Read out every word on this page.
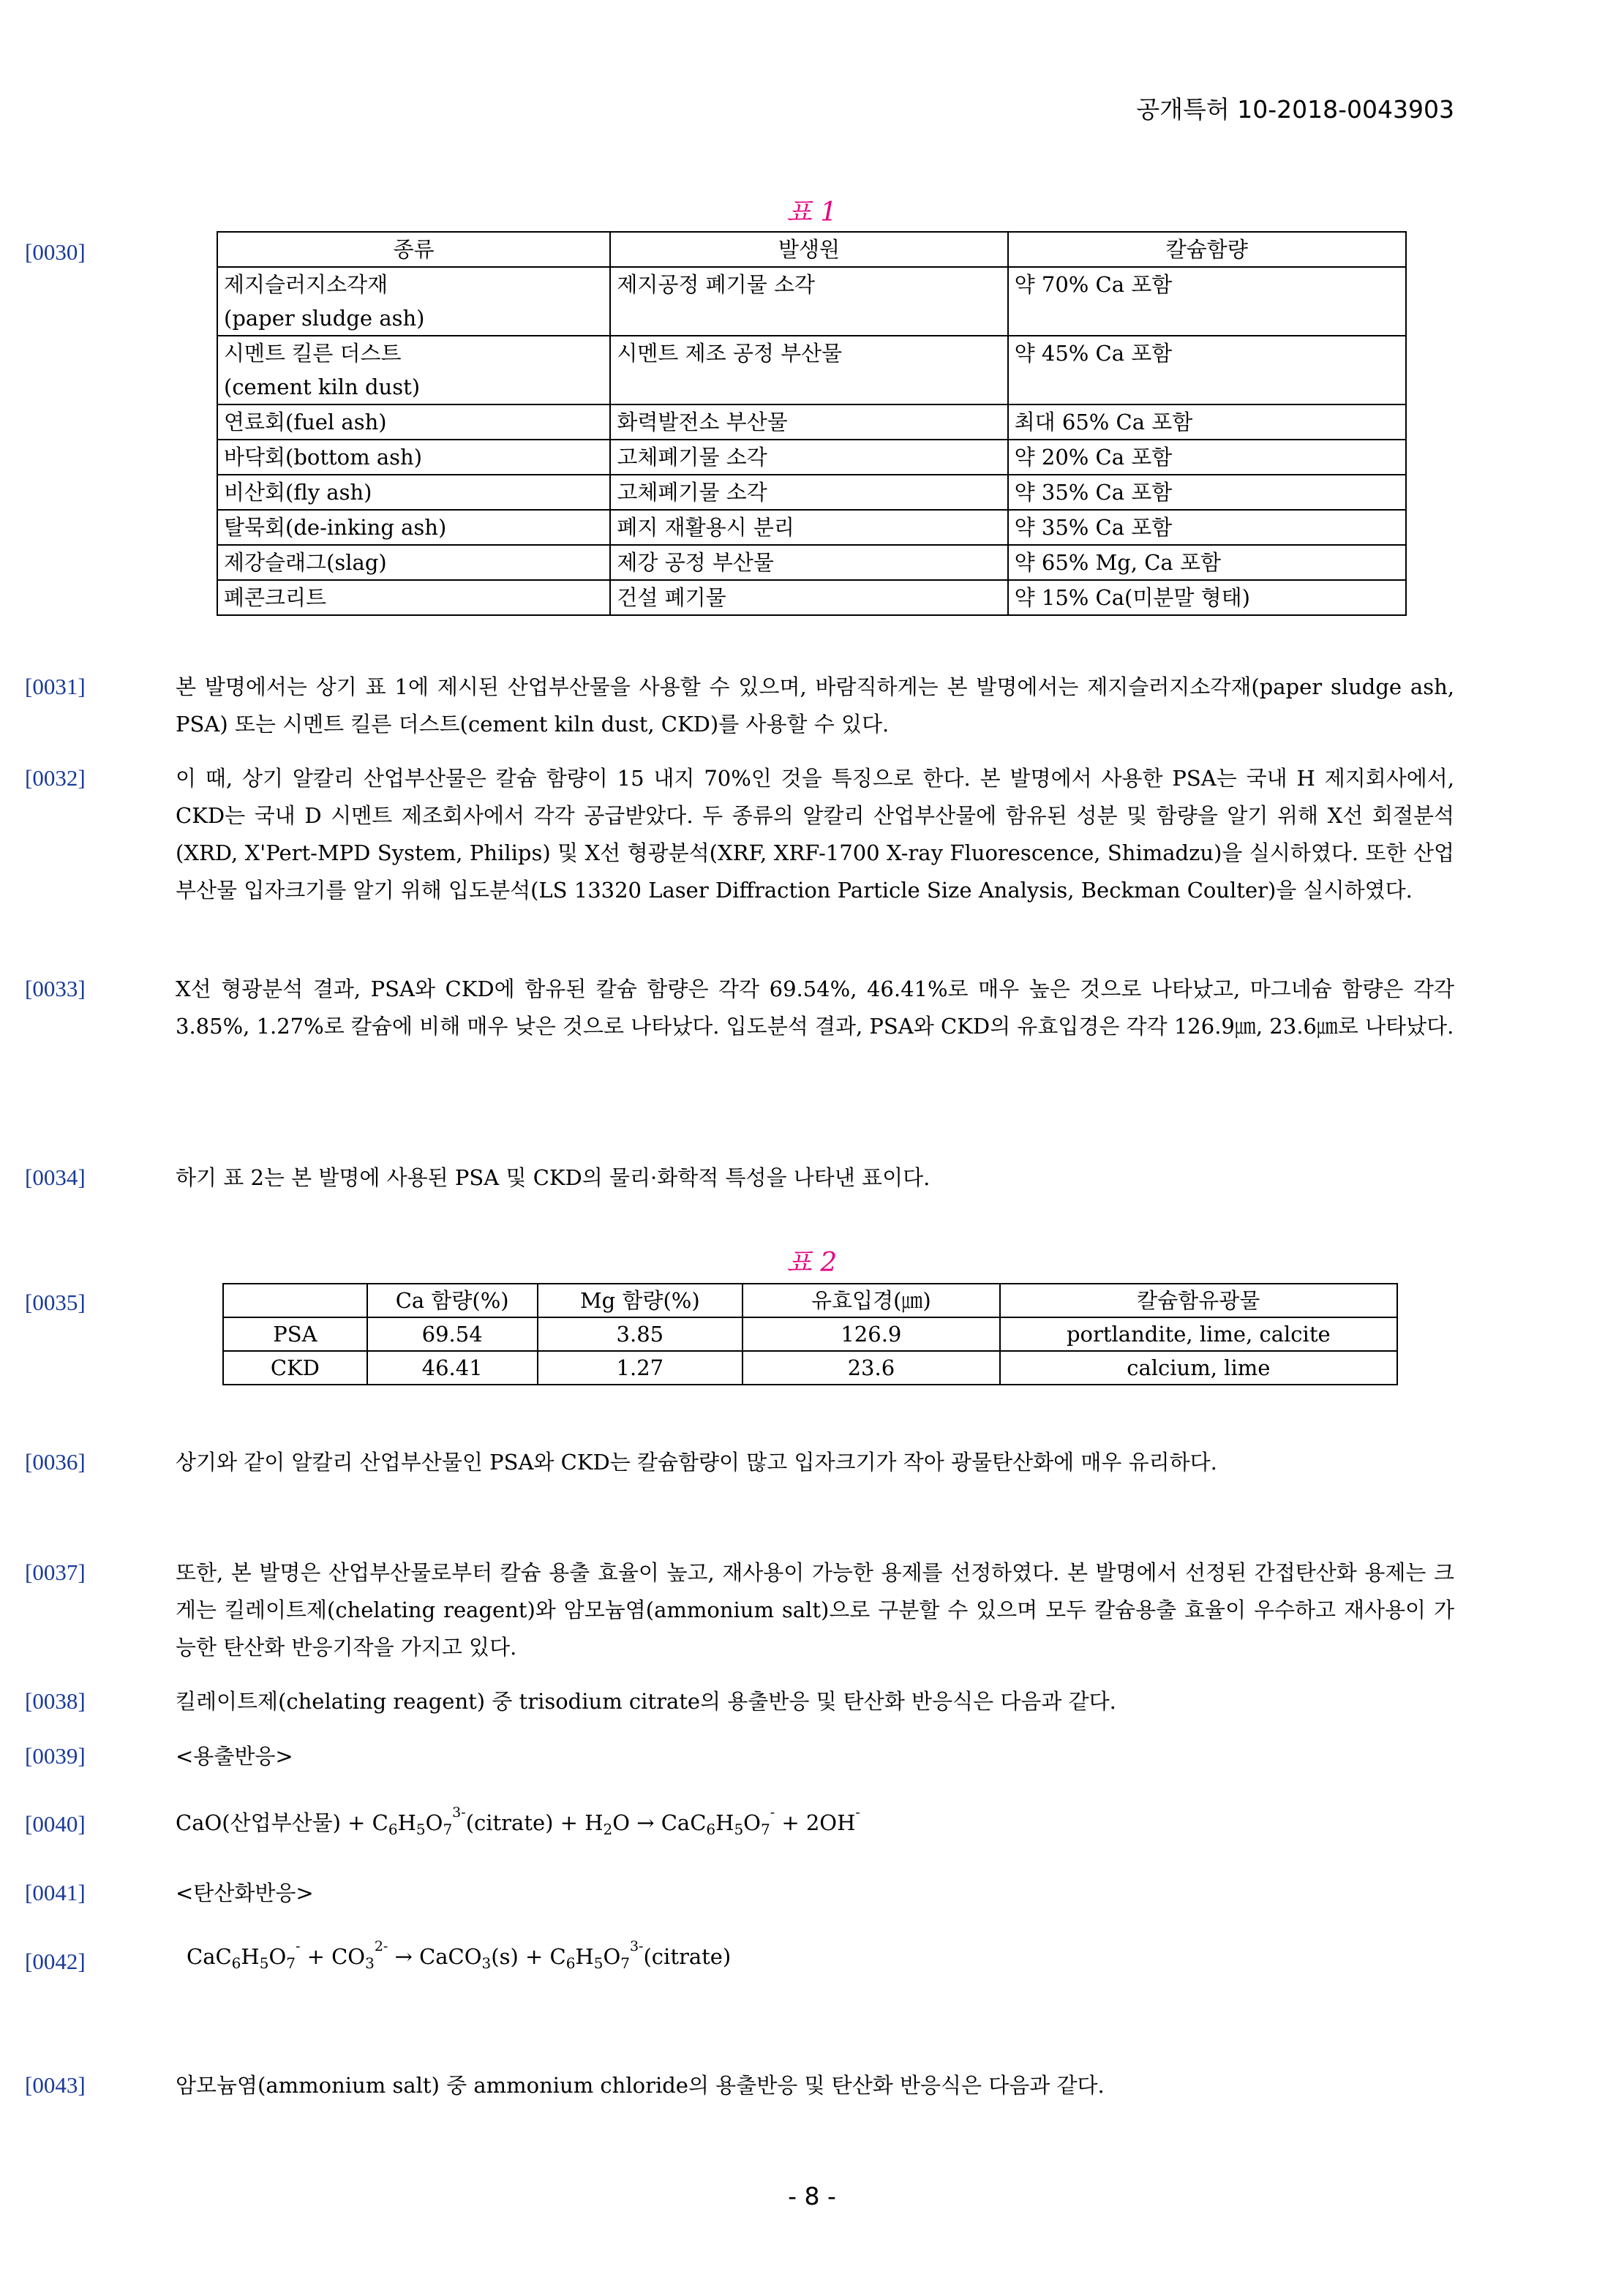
공개특허 10-2018-0043903
표 1
[0030]	종류	발생원	칼슘함량
제지슬러지소각재
(paper sludge ash)	제지공정 폐기물 소각	약 70% Ca 포함
시멘트 킬른 더스트
(cement kiln dust)	시멘트 제조 공정 부산물	약 45% Ca 포함
연료회(fuel ash)	화력발전소 부산물	최대 65% Ca 포함
바닥회(bottom ash)	고체폐기물 소각	약 20% Ca 포함
비산회(fly ash)	고체폐기물 소각	약 35% Ca 포함
탈묵회(de-inking ash)	폐지 재활용시 분리	약 35% Ca 포함
제강슬래그(slag)	제강 공정 부산물	약 65% Mg, Ca 포함
폐콘크리트	건설 폐기물	약 15% Ca(미분말 형태)
[0031]	본 발명에서는 상기 표 1에 제시된 산업부산물을 사용할 수 있으며, 바람직하게는 본 발명에서는 제지슬러지소각재(paper sludge ash, PSA) 또는 시멘트 킬른 더스트(cement kiln dust, CKD)를 사용할 수 있다.
[0032]	이 때, 상기 알칼리 산업부산물은 칼슘 함량이 15 내지 70%인 것을 특징으로 한다. 본 발명에서 사용한 PSA는 국내 H 제지회사에서, CKD는 국내 D 시멘트 제조회사에서 각각 공급받았다. 두 종류의 알칼리 산업부산물에 함유된 성분 및 함량을 알기 위해 X선 회절분석(XRD, X'Pert-MPD System, Philips) 및 X선 형광분석(XRF, XRF-1700 X-ray Fluorescence, Shimadzu)을 실시하였다. 또한 산업부산물 입자크기를 알기 위해 입도분석(LS 13320 Laser Diffraction Particle Size Analysis, Beckman Coulter)을 실시하였다.
[0033]	X선 형광분석 결과, PSA와 CKD에 함유된 칼슘 함량은 각각 69.54%, 46.41%로 매우 높은 것으로 나타났고, 마그네슘 함량은 각각 3.85%, 1.27%로 칼슘에 비해 매우 낮은 것으로 나타났다. 입도분석 결과, PSA와 CKD의 유효입경은 각각 126.9㎛, 23.6㎛로 나타났다.
[0034]	하기 표 2는 본 발명에 사용된 PSA 및 CKD의 물리·화학적 특성을 나타낸 표이다.
표 2
[0035]
		Ca 함량(%)	Mg 함량(%)	유효입경(㎛)	칼슘함유광물
PSA	69.54	3.85	126.9	portlandite, lime, calcite
CKD	46.41	1.27	23.6	calcium, lime
[0036]	상기와 같이 알칼리 산업부산물인 PSA와 CKD는 칼슘함량이 많고 입자크기가 작아 광물탄산화에 매우 유리하다.
[0037]	또한, 본 발명은 산업부산물로부터 칼슘 용출 효율이 높고, 재사용이 가능한 용제를 선정하였다. 본 발명에서 선정된 간접탄산화 용제는 크게는 킬레이트제(chelating reagent)와 암모늄염(ammonium salt)으로 구분할 수 있으며 모두 칼슘용출 효율이 우수하고 재사용이 가능한 탄산화 반응기작을 가지고 있다.
[0038]	킬레이트제(chelating reagent) 중 trisodium citrate의 용출반응 및 탄산화 반응식은 다음과 같다.
[0039]	<용출반응>
[0040]	CaO(산업부산물) + $C_6H_5O_7^{3-}(citrate) + H_2O \to CaC_6H_5O_7^- + 2OH^-$
[0041]	<탄산화반응>
[0042]	$CaC_6H_5O_7^- + CO_3^{2-}$ → CaCO$_3$(s) + $C_6H_5O_7^{3-}(citrate)$
[0043]	암모늄염(ammonium salt) 중 ammonium chloride의 용출반응 및 탄산화 반응식은 다음과 같다.
- 8 -
